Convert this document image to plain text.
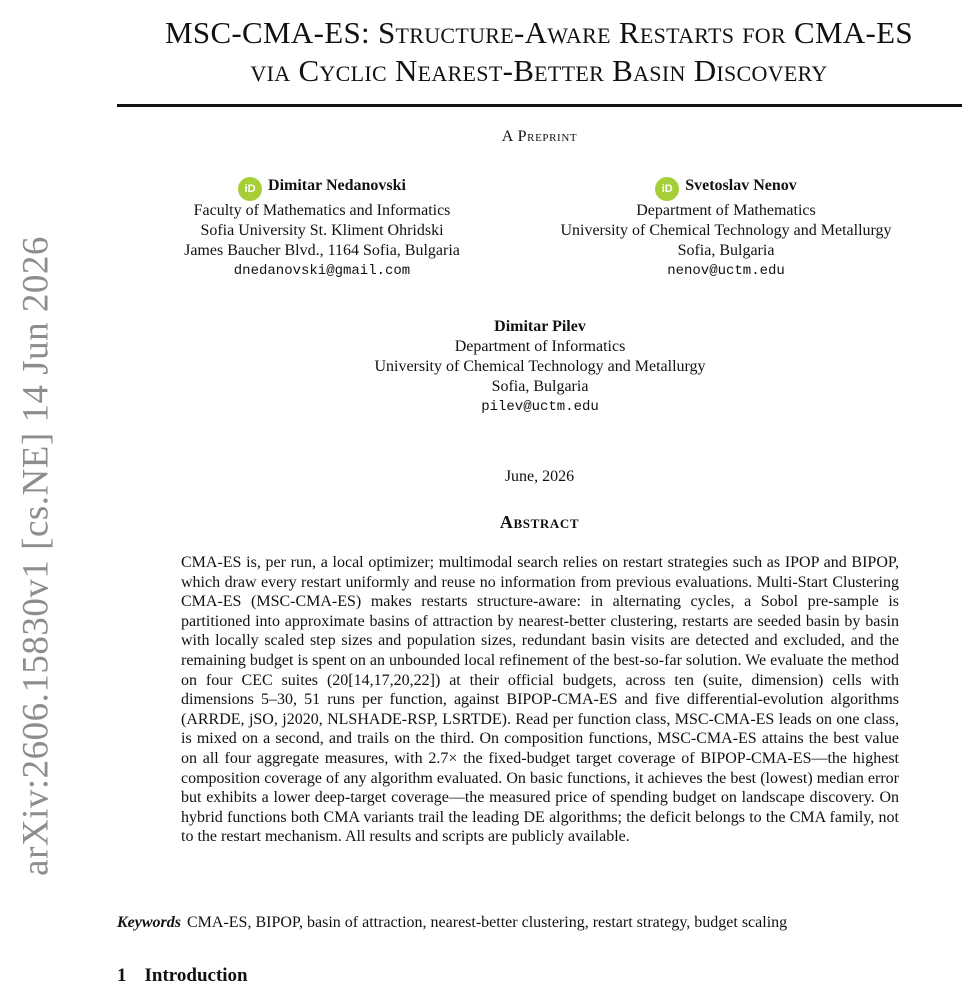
arXiv:2606.15830v1 [cs.NE] 14 Jun 2026
MSC-CMA-ES: Structure-Aware Restarts for CMA-ES
via Cyclic Nearest-Better Basin Discovery
A Preprint
iD Dimitar Nedanovski
Faculty of Mathematics and Informatics
Sofia University St. Kliment Ohridski
James Baucher Blvd., 1164 Sofia, Bulgaria
dnedanovski@gmail.com
iD Svetoslav Nenov
Department of Mathematics
University of Chemical Technology and Metallurgy
Sofia, Bulgaria
nenov@uctm.edu
Dimitar Pilev
Department of Informatics
University of Chemical Technology and Metallurgy
Sofia, Bulgaria
pilev@uctm.edu
June, 2026
Abstract
CMA-ES is, per run, a local optimizer; multimodal search relies on restart strategies such as IPOP and BIPOP, which draw every restart uniformly and reuse no information from previous evaluations. Multi-Start Clustering CMA-ES (MSC-CMA-ES) makes restarts structure-aware: in alternating cycles, a Sobol pre-sample is partitioned into approximate basins of attraction by nearest-better clustering, restarts are seeded basin by basin with locally scaled step sizes and population sizes, redundant basin visits are detected and excluded, and the remaining budget is spent on an unbounded local refinement of the best-so-far solution. We evaluate the method on four CEC suites (20[14,17,20,22]) at their official budgets, across ten (suite, dimension) cells with dimensions 5–30, 51 runs per function, against BIPOP-CMA-ES and five differential-evolution algorithms (ARRDE, jSO, j2020, NLSHADE-RSP, LSRTDE). Read per function class, MSC-CMA-ES leads on one class, is mixed on a second, and trails on the third. On composition functions, MSC-CMA-ES attains the best value on all four aggregate measures, with 2.7× the fixed-budget target coverage of BIPOP-CMA-ES—the highest composition coverage of any algorithm evaluated. On basic functions, it achieves the best (lowest) median error but exhibits a lower deep-target coverage—the measured price of spending budget on landscape discovery. On hybrid functions both CMA variants trail the leading DE algorithms; the deficit belongs to the CMA family, not to the restart mechanism. All results and scripts are publicly available.
Keywords CMA-ES, BIPOP, basin of attraction, nearest-better clustering, restart strategy, budget scaling
1 Introduction
